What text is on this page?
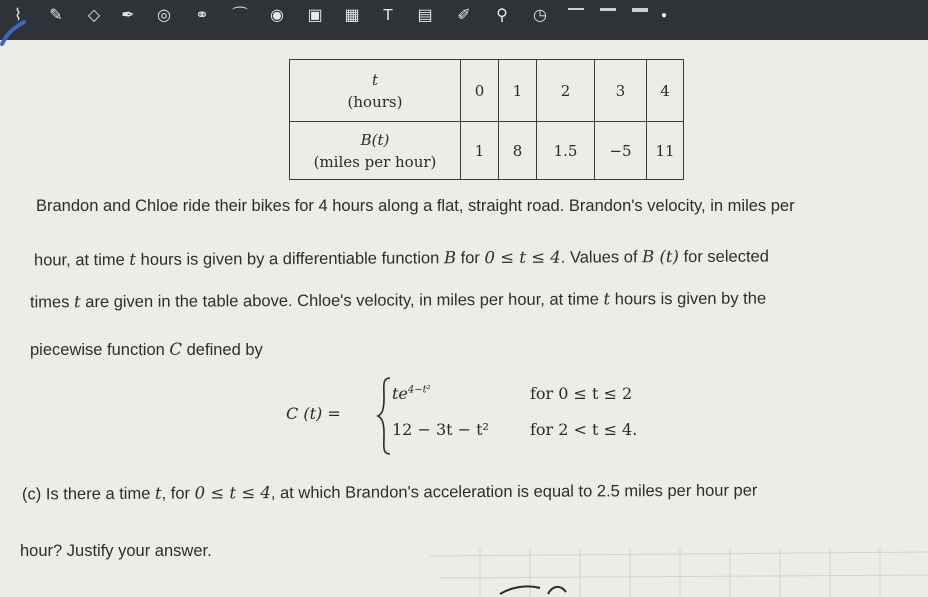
⌇	✎	◇	✒	◎	⚭	⌒	◉	▣ ▦	T	▤	✐	⚲	◷	●
t
(hours)	0	1	2	3	4

B(t)
(miles per hour)	1	8	1.5	−5	11
Brandon and Chloe ride their bikes for 4 hours along a flat, straight road. Brandon's velocity, in miles per
hour, at time t hours is given by a differentiable function B for 0 ≤ t ≤ 4. Values of B (t) for selected
times t are given in the table above. Chloe's velocity, in miles per hour, at time t hours is given by the
piecewise function C defined by
C (t) =
$te^{4-t^2}$
12 − 3t − t²
for 0 ≤ t ≤ 2
for 2 < t ≤ 4.
(c) Is there a time t, for 0 ≤ t ≤ 4, at which Brandon's acceleration is equal to 2.5 miles per hour per
hour? Justify your answer.
